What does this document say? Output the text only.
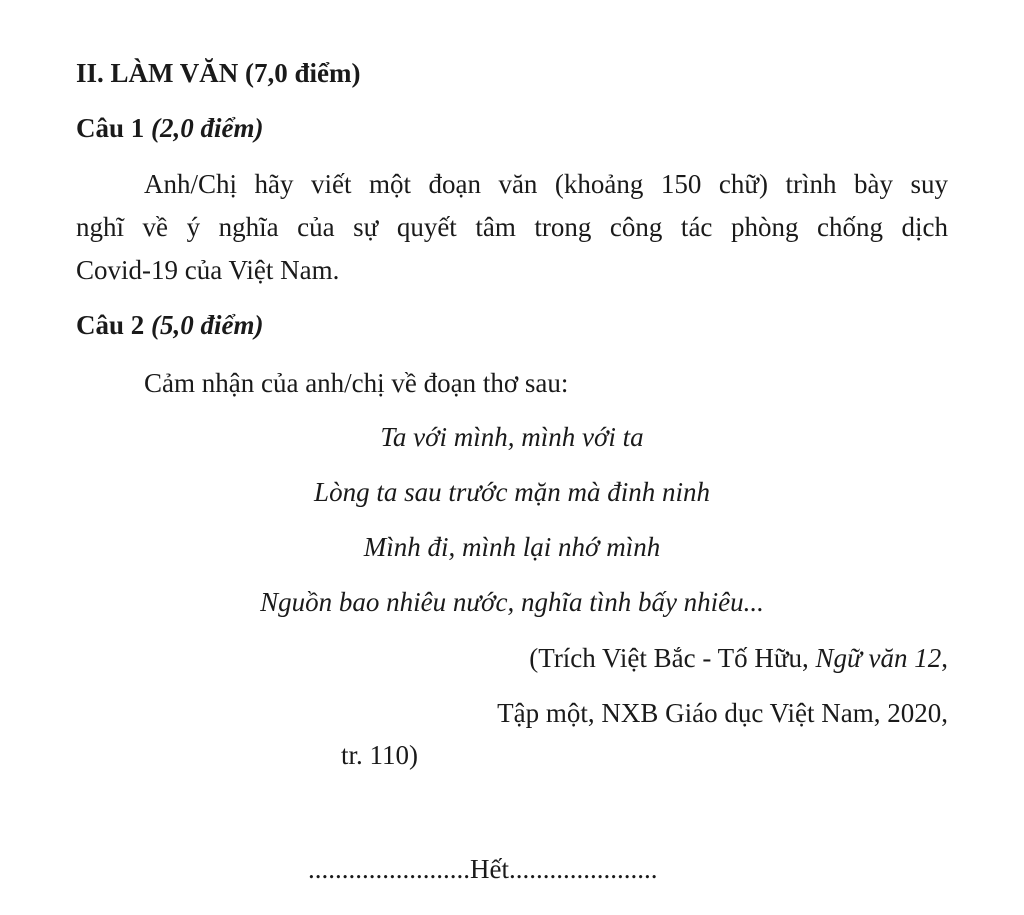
II. LÀM VĂN (7,0 điểm)
Câu 1 (2,0 điểm)
Anh/Chị hãy viết một đoạn văn (khoảng 150 chữ) trình bày suy
nghĩ về ý nghĩa của sự quyết tâm trong công tác phòng chống dịch
Covid-19 của Việt Nam.
Câu 2 (5,0 điểm)
Cảm nhận của anh/chị về đoạn thơ sau:
Ta với mình, mình với ta
Lòng ta sau trước mặn mà đinh ninh
Mình đi, mình lại nhớ mình
Nguồn bao nhiêu nước, nghĩa tình bấy nhiêu...
(Trích Việt Bắc - Tố Hữu, Ngữ văn 12,
Tập một, NXB Giáo dục Việt Nam, 2020,
tr. 110)
........................Hết......................
